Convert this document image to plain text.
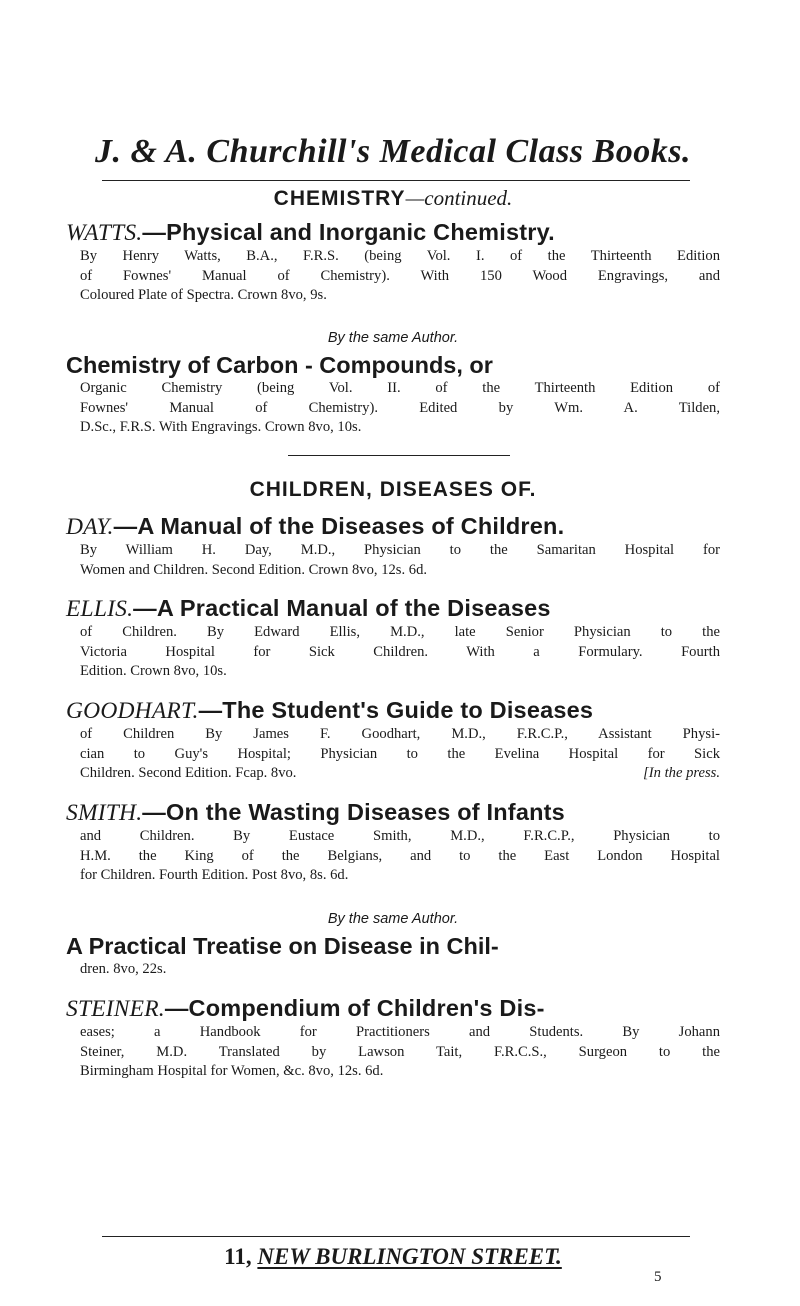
J. & A. Churchill's Medical Class Books.
CHEMISTRY—continued.
WATTS.—Physical and Inorganic Chemistry.
By Henry Watts, B.A., F.R.S. (being Vol. I. of the Thirteenth Edition
of Fownes' Manual of Chemistry). With 150 Wood Engravings, and
Coloured Plate of Spectra. Crown 8vo, 9s.
By the same Author.
Chemistry of Carbon - Compounds, or
Organic Chemistry (being Vol. II. of the Thirteenth Edition of
Fownes' Manual of Chemistry). Edited by Wm. A. Tilden,
D.Sc., F.R.S. With Engravings. Crown 8vo, 10s.
CHILDREN, DISEASES OF.
DAY.—A Manual of the Diseases of Children.
By William H. Day, M.D., Physician to the Samaritan Hospital for
Women and Children. Second Edition. Crown 8vo, 12s. 6d.
ELLIS.—A Practical Manual of the Diseases
of Children. By Edward Ellis, M.D., late Senior Physician to the
Victoria Hospital for Sick Children. With a Formulary. Fourth
Edition. Crown 8vo, 10s.
GOODHART.—The Student's Guide to Diseases
of Children By James F. Goodhart, M.D., F.R.C.P., Assistant Physi-
cian to Guy's Hospital; Physician to the Evelina Hospital for Sick
Children. Second Edition. Fcap. 8vo.	[In the press.
SMITH.—On the Wasting Diseases of Infants
and Children. By Eustace Smith, M.D., F.R.C.P., Physician to
H.M. the King of the Belgians, and to the East London Hospital
for Children. Fourth Edition. Post 8vo, 8s. 6d.
By the same Author.
A Practical Treatise on Disease in Chil-
dren. 8vo, 22s.
STEINER.—Compendium of Children's Dis-
eases; a Handbook for Practitioners and Students. By Johann
Steiner, M.D. Translated by Lawson Tait, F.R.C.S., Surgeon to the
Birmingham Hospital for Women, &c. 8vo, 12s. 6d.
11, NEW BURLINGTON STREET.
5
